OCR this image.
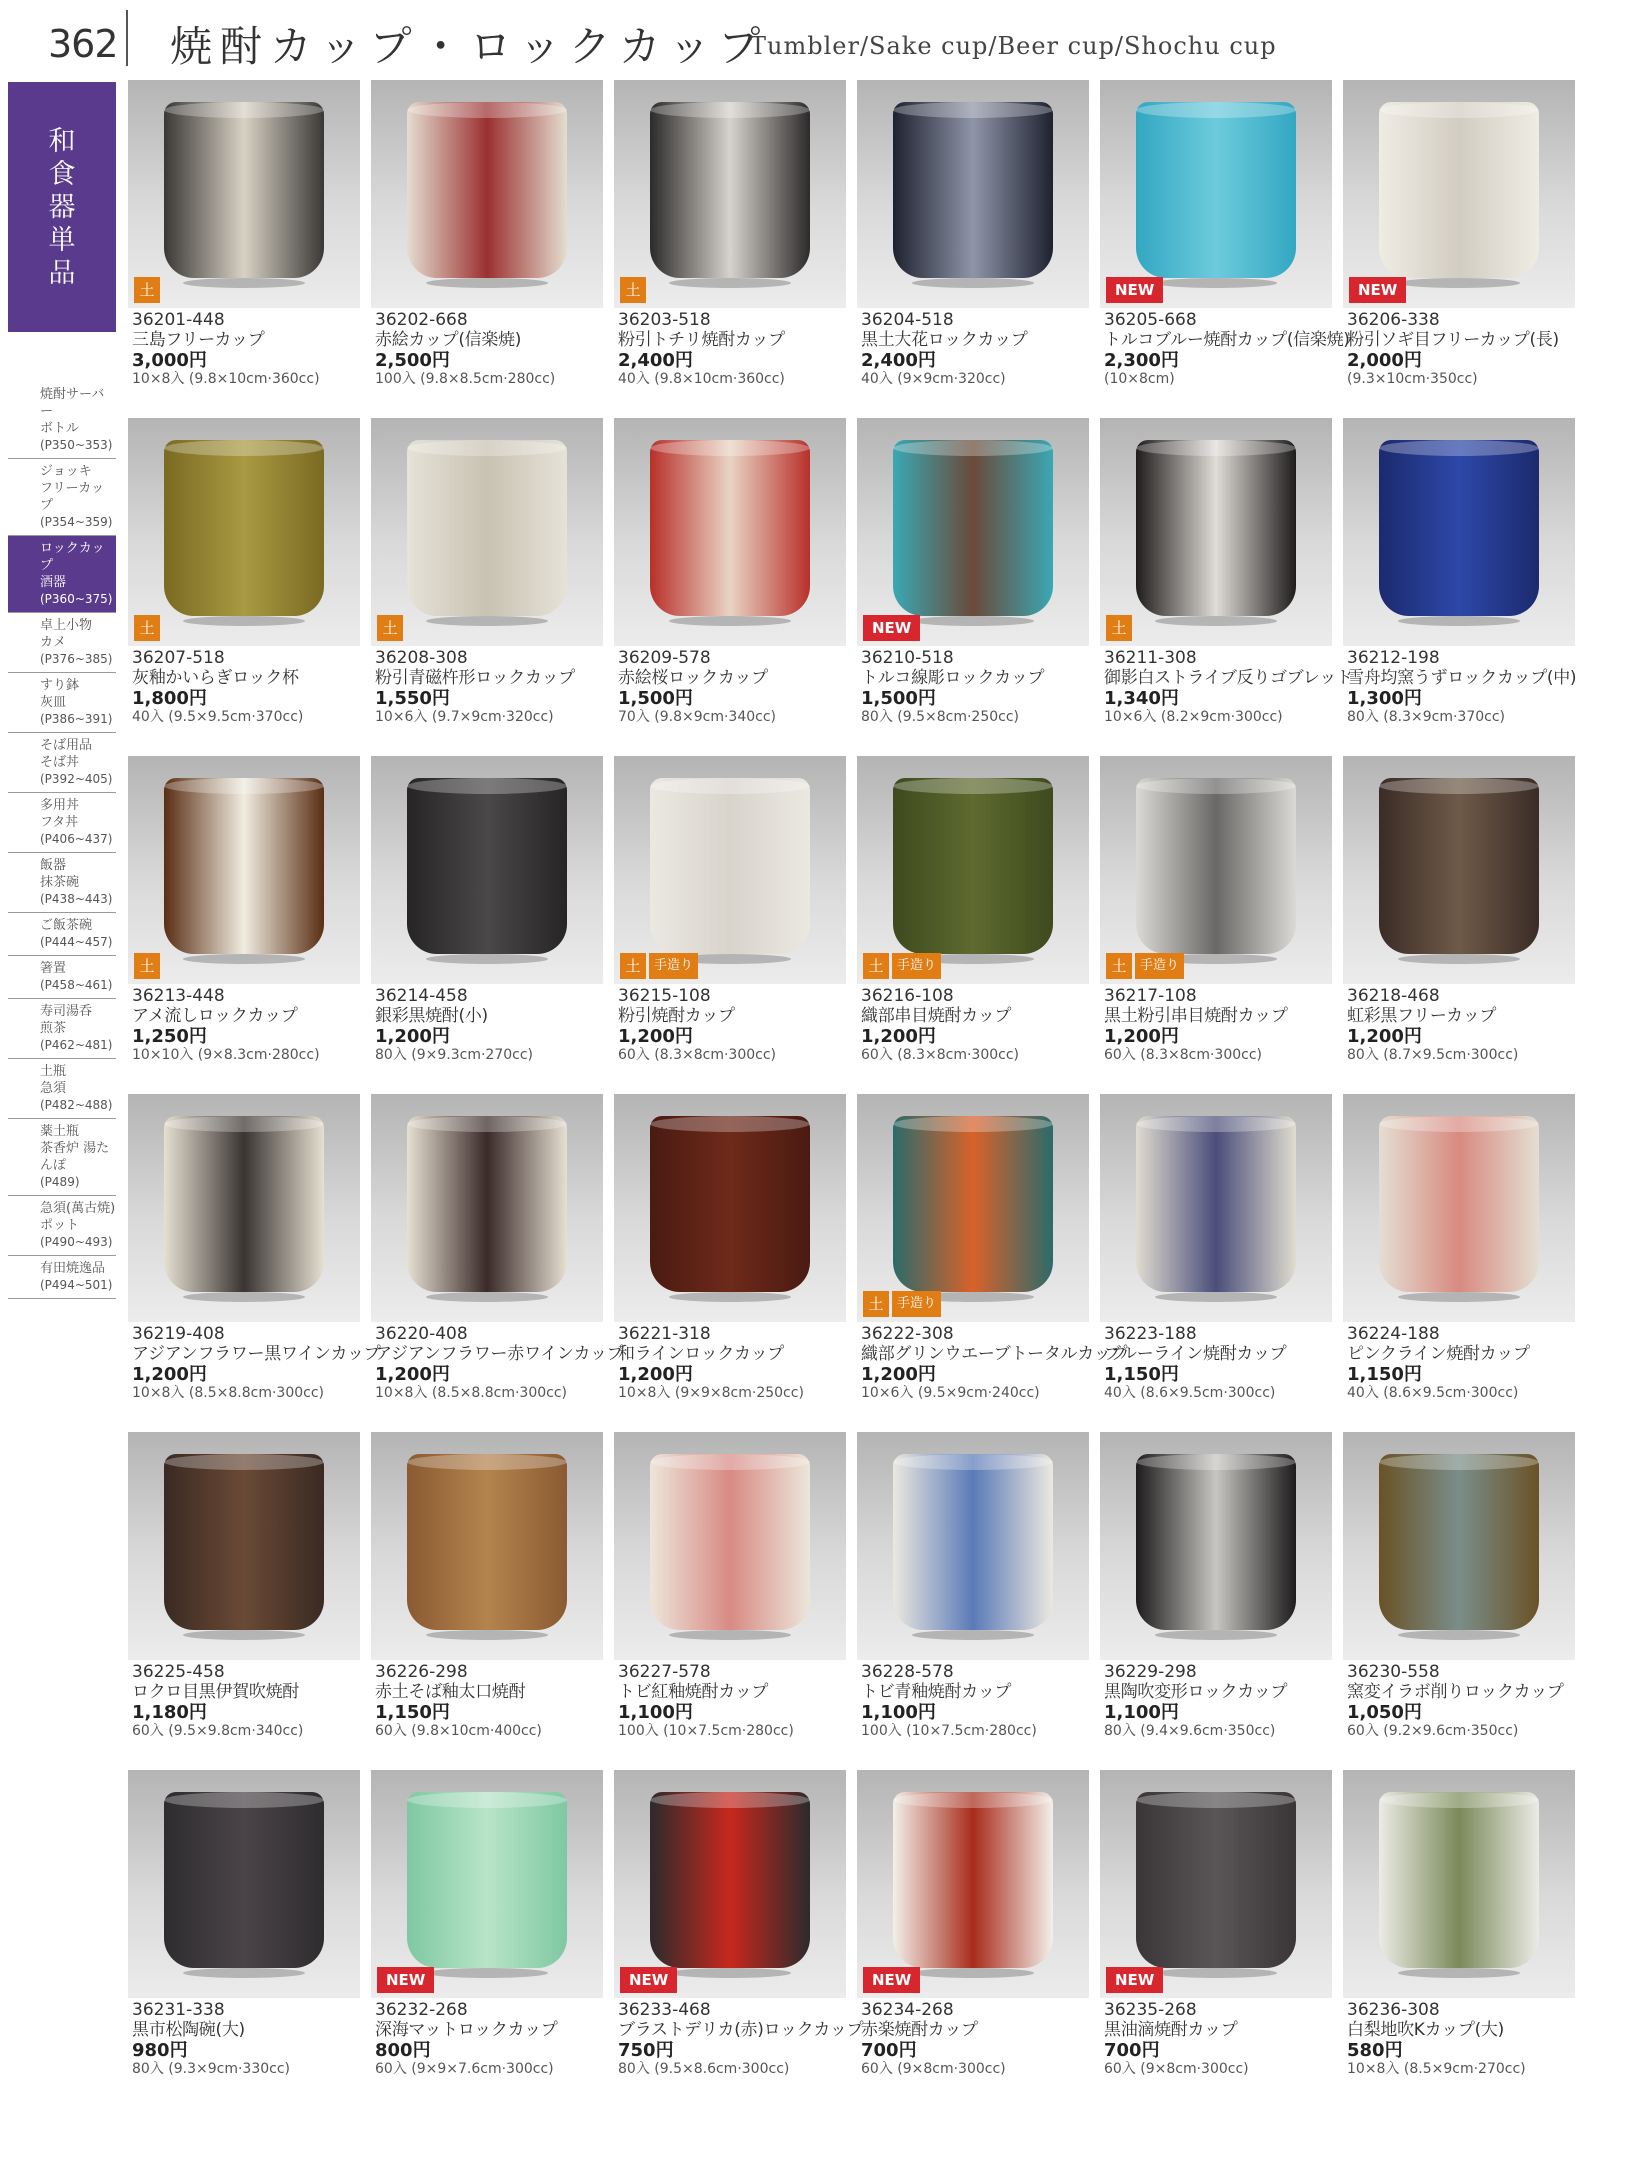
362 焼酎カップ・ロックカップ
Tumbler/Sake cup/Beer cup/Shochu cup
和
食
器
単
品
焼酎サーバー
ボトル
(P350~353)
ジョッキ
フリーカップ
(P354~359)
ロックカップ
酒器
(P360~375)
卓上小物
カメ
(P376~385)
すり鉢
灰皿
(P386~391)
そば用品
そば丼
(P392~405)
多用丼
フタ丼
(P406~437)
飯器
抹茶碗
(P438~443)
ご飯茶碗
(P444~457)
箸置
(P458~461)
寿司湯呑
煎茶
(P462~481)
土瓶
急須
(P482~488)
薬土瓶
茶香炉 湯たんぽ
(P489)
急須(萬古焼)
ポット
(P490~493)
有田焼逸品
(P494~501)
土
36201-448
三島フリーカップ
3,000円
10×8入 (9.8×10cm·360cc)
36202-668
赤絵カップ(信楽焼)
2,500円
100入 (9.8×8.5cm·280cc)
土
36203-518
粉引トチリ焼酎カップ
2,400円
40入 (9.8×10cm·360cc)
36204-518
黒土大花ロックカップ
2,400円
40入 (9×9cm·320cc)
NEW
36205-668
トルコブルー焼酎カップ(信楽焼)
2,300円
(10×8cm)
NEW
36206-338
粉引ソギ目フリーカップ(長)
2,000円
(9.3×10cm·350cc)
土
36207-518
灰釉かいらぎロック杯
1,800円
40入 (9.5×9.5cm·370cc)
土
36208-308
粉引青磁杵形ロックカップ
1,550円
10×6入 (9.7×9cm·320cc)
36209-578
赤絵桜ロックカップ
1,500円
70入 (9.8×9cm·340cc)
NEW
36210-518
トルコ線彫ロックカップ
1,500円
80入 (9.5×8cm·250cc)
土
36211-308
御影白ストライブ反りゴブレット
1,340円
10×6入 (8.2×9cm·300cc)
36212-198
雪舟均窯うずロックカップ(中)
1,300円
80入 (8.3×9cm·370cc)
土
36213-448
アメ流しロックカップ
1,250円
10×10入 (9×8.3cm·280cc)
36214-458
銀彩黒焼酎(小)
1,200円
80入 (9×9.3cm·270cc)
土	手造り
36215-108
粉引焼酎カップ
1,200円
60入 (8.3×8cm·300cc)
土	手造り
36216-108
織部串目焼酎カップ
1,200円
60入 (8.3×8cm·300cc)
土	手造り
36217-108
黒土粉引串目焼酎カップ
1,200円
60入 (8.3×8cm·300cc)
36218-468
虹彩黒フリーカップ
1,200円
80入 (8.7×9.5cm·300cc)
36219-408
アジアンフラワー黒ワインカップ
1,200円
10×8入 (8.5×8.8cm·300cc)
36220-408
アジアンフラワー赤ワインカップ
1,200円
10×8入 (8.5×8.8cm·300cc)
36221-318
和ラインロックカップ
1,200円
10×8入 (9×9×8cm·250cc)
土	手造り
36222-308
織部グリンウエーブトータルカップ
1,200円
10×6入 (9.5×9cm·240cc)
36223-188
ブルーライン焼酎カップ
1,150円
40入 (8.6×9.5cm·300cc)
36224-188
ピンクライン焼酎カップ
1,150円
40入 (8.6×9.5cm·300cc)
36225-458
ロクロ目黒伊賀吹焼酎
1,180円
60入 (9.5×9.8cm·340cc)
36226-298
赤土そば釉太口焼酎
1,150円
60入 (9.8×10cm·400cc)
36227-578
トビ紅釉焼酎カップ
1,100円
100入 (10×7.5cm·280cc)
36228-578
トビ青釉焼酎カップ
1,100円
100入 (10×7.5cm·280cc)
36229-298
黒陶吹変形ロックカップ
1,100円
80入 (9.4×9.6cm·350cc)
36230-558
窯変イラボ削りロックカップ
1,050円
60入 (9.2×9.6cm·350cc)
36231-338
黒市松陶碗(大)
980円
80入 (9.3×9cm·330cc)
NEW
36232-268
深海マットロックカップ
800円
60入 (9×9×7.6cm·300cc)
NEW
36233-468
ブラストデリカ(赤)ロックカップ
750円
80入 (9.5×8.6cm·300cc)
NEW
36234-268
赤楽焼酎カップ
700円
60入 (9×8cm·300cc)
NEW
36235-268
黒油滴焼酎カップ
700円
60入 (9×8cm·300cc)
36236-308
白梨地吹Kカップ(大)
580円
10×8入 (8.5×9cm·270cc)
